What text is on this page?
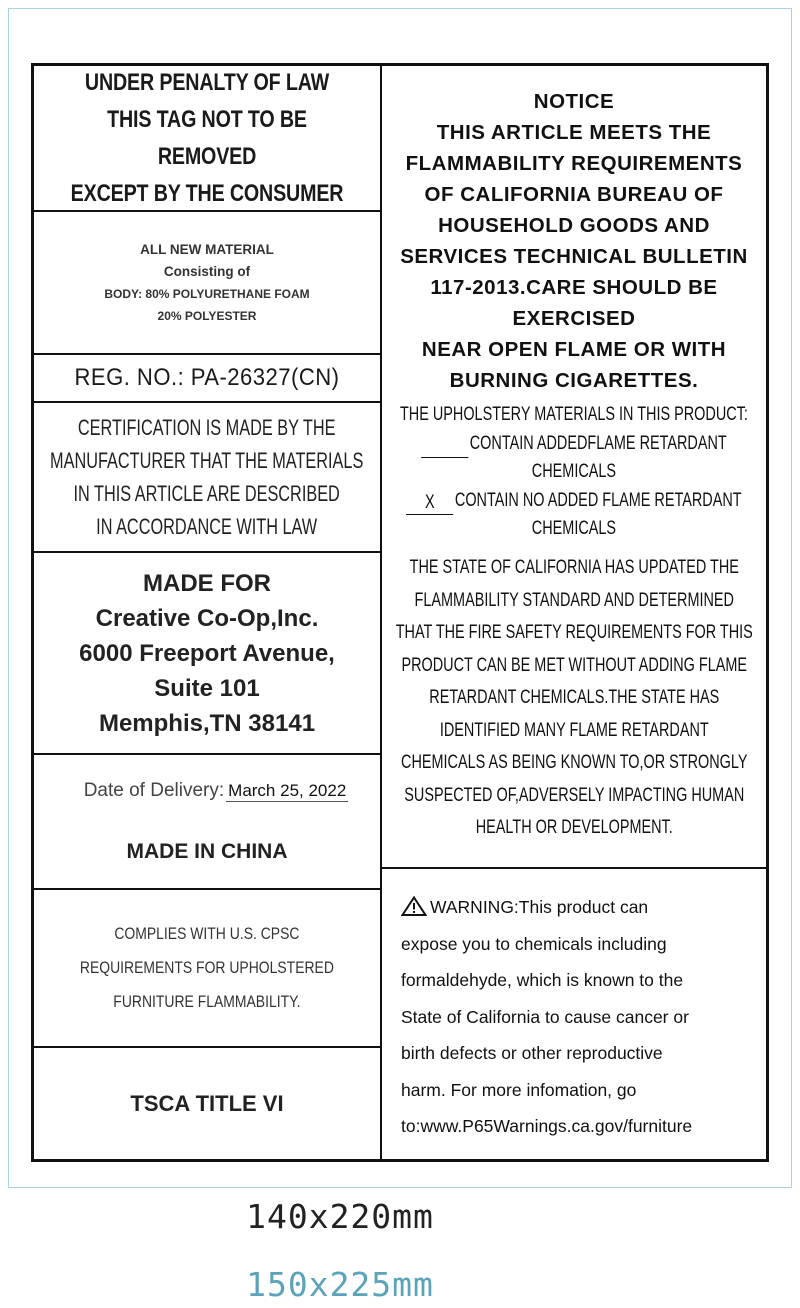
UNDER PENALTY OF LAW
THIS TAG NOT TO BE REMOVED
EXCEPT BY THE CONSUMER
ALL NEW MATERIAL
Consisting of
BODY: 80% POLYURETHANE FOAM
20% POLYESTER
REG. NO.: PA-26327(CN)
CERTIFICATION IS MADE BY THE
MANUFACTURER THAT THE MATERIALS
IN THIS ARTICLE ARE DESCRIBED
IN ACCORDANCE WITH LAW
MADE FOR
Creative Co-Op,Inc.
6000 Freeport Avenue,
Suite 101
Memphis,TN 38141
Date of Delivery: March 25, 2022
MADE IN CHINA
COMPLIES WITH U.S. CPSC
REQUIREMENTS FOR UPHOLSTERED
FURNITURE FLAMMABILITY.
TSCA TITLE VI
NOTICE
THIS ARTICLE MEETS THE
FLAMMABILITY REQUIREMENTS
OF CALIFORNIA BUREAU OF
HOUSEHOLD GOODS AND
SERVICES TECHNICAL BULLETIN
117-2013.CARE SHOULD BE
EXERCISED
NEAR OPEN FLAME OR WITH
BURNING CIGARETTES.
THE UPHOLSTERY MATERIALS IN THIS PRODUCT:
CONTAIN ADDEDFLAME RETARDANT
CHEMICALS
X	CONTAIN NO ADDED FLAME RETARDANT
CHEMICALS
THE STATE OF CALIFORNIA HAS UPDATED THE
FLAMMABILITY STANDARD AND DETERMINED
THAT THE FIRE SAFETY REQUIREMENTS FOR THIS
PRODUCT CAN BE MET WITHOUT ADDING FLAME
RETARDANT CHEMICALS.THE STATE HAS
IDENTIFIED MANY FLAME RETARDANT
CHEMICALS AS BEING KNOWN TO,OR STRONGLY
SUSPECTED OF,ADVERSELY IMPACTING HUMAN
HEALTH OR DEVELOPMENT.
WARNING:This product can
expose you to chemicals including
formaldehyde, which is known to the
State of California to cause cancer or
birth defects or other reproductive
harm. For more infomation, go
to:www.P65Warnings.ca.gov/furniture
140x220mm
150x225mm
